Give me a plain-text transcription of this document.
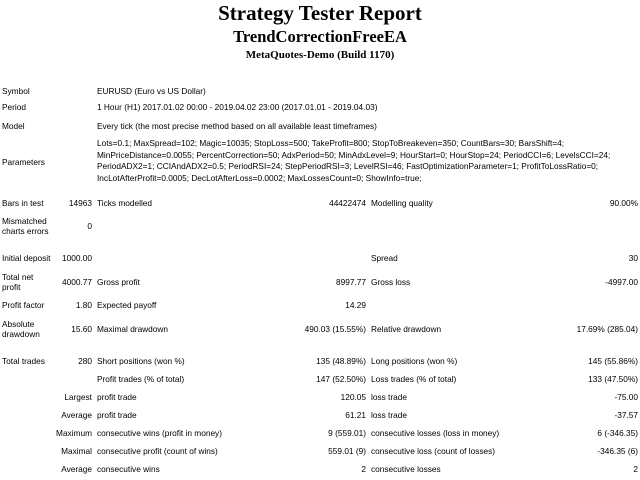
Strategy Tester Report
TrendCorrectionFreeEA
MetaQuotes-Demo (Build 1170)
Symbol	EURUSD (Euro vs US Dollar)
Period	1 Hour (H1) 2017.01.02 00:00 - 2019.04.02 23:00 (2017.01.01 - 2019.04.03)
Model	Every tick (the most precise method based on all available least timeframes)
Parameters
Lots=0.1; MaxSpread=102; Magic=10035; StopLoss=500; TakeProfit=800; StopToBreakeven=350; CountBars=30; BarsShift=4; MinPriceDistance=0.0055; PercentCorrection=50; AdxPeriod=50; MinAdxLevel=9; HourStart=0; HourStop=24; PeriodCCI=6; LevelsCCI=24; PeriodADX2=1; CCIAndADX2=0.5; PeriodRSI=24; StepPeriodRSI=3; LevelRSI=46; FastOptimizationParameter=1; ProfitToLossRatio=0; IncLotAfterProfit=0.0005; DecLotAfterLoss=0.0002; MaxLossesCount=0; ShowInfo=true;
Bars in test	14963 Ticks modelled	44422474 Modelling quality	90.00%
Mismatched charts errors	0
Initial deposit	1000.00	Spread	30
Total net profit	4000.77 Gross profit	8997.77 Gross loss	-4997.00
Profit factor	1.80 Expected payoff	14.29
Absolute drawdown	15.60 Maximal drawdown	490.03 (15.55%) Relative drawdown	17.69% (285.04)
Total trades	280 Short positions (won %)	135 (48.89%) Long positions (won %)	145 (55.86%)
Profit trades (% of total)	147 (52.50%) Loss trades (% of total)	133 (47.50%)
Largest profit trade	120.05 loss trade	-75.00
Average profit trade	61.21 loss trade	-37.57
Maximum consecutive wins (profit in money)	9 (559.01) consecutive losses (loss in money)	6 (-346.35)
Maximal consecutive profit (count of wins)	559.01 (9) consecutive loss (count of losses)	-346.35 (6)
Average consecutive wins	2 consecutive losses	2
